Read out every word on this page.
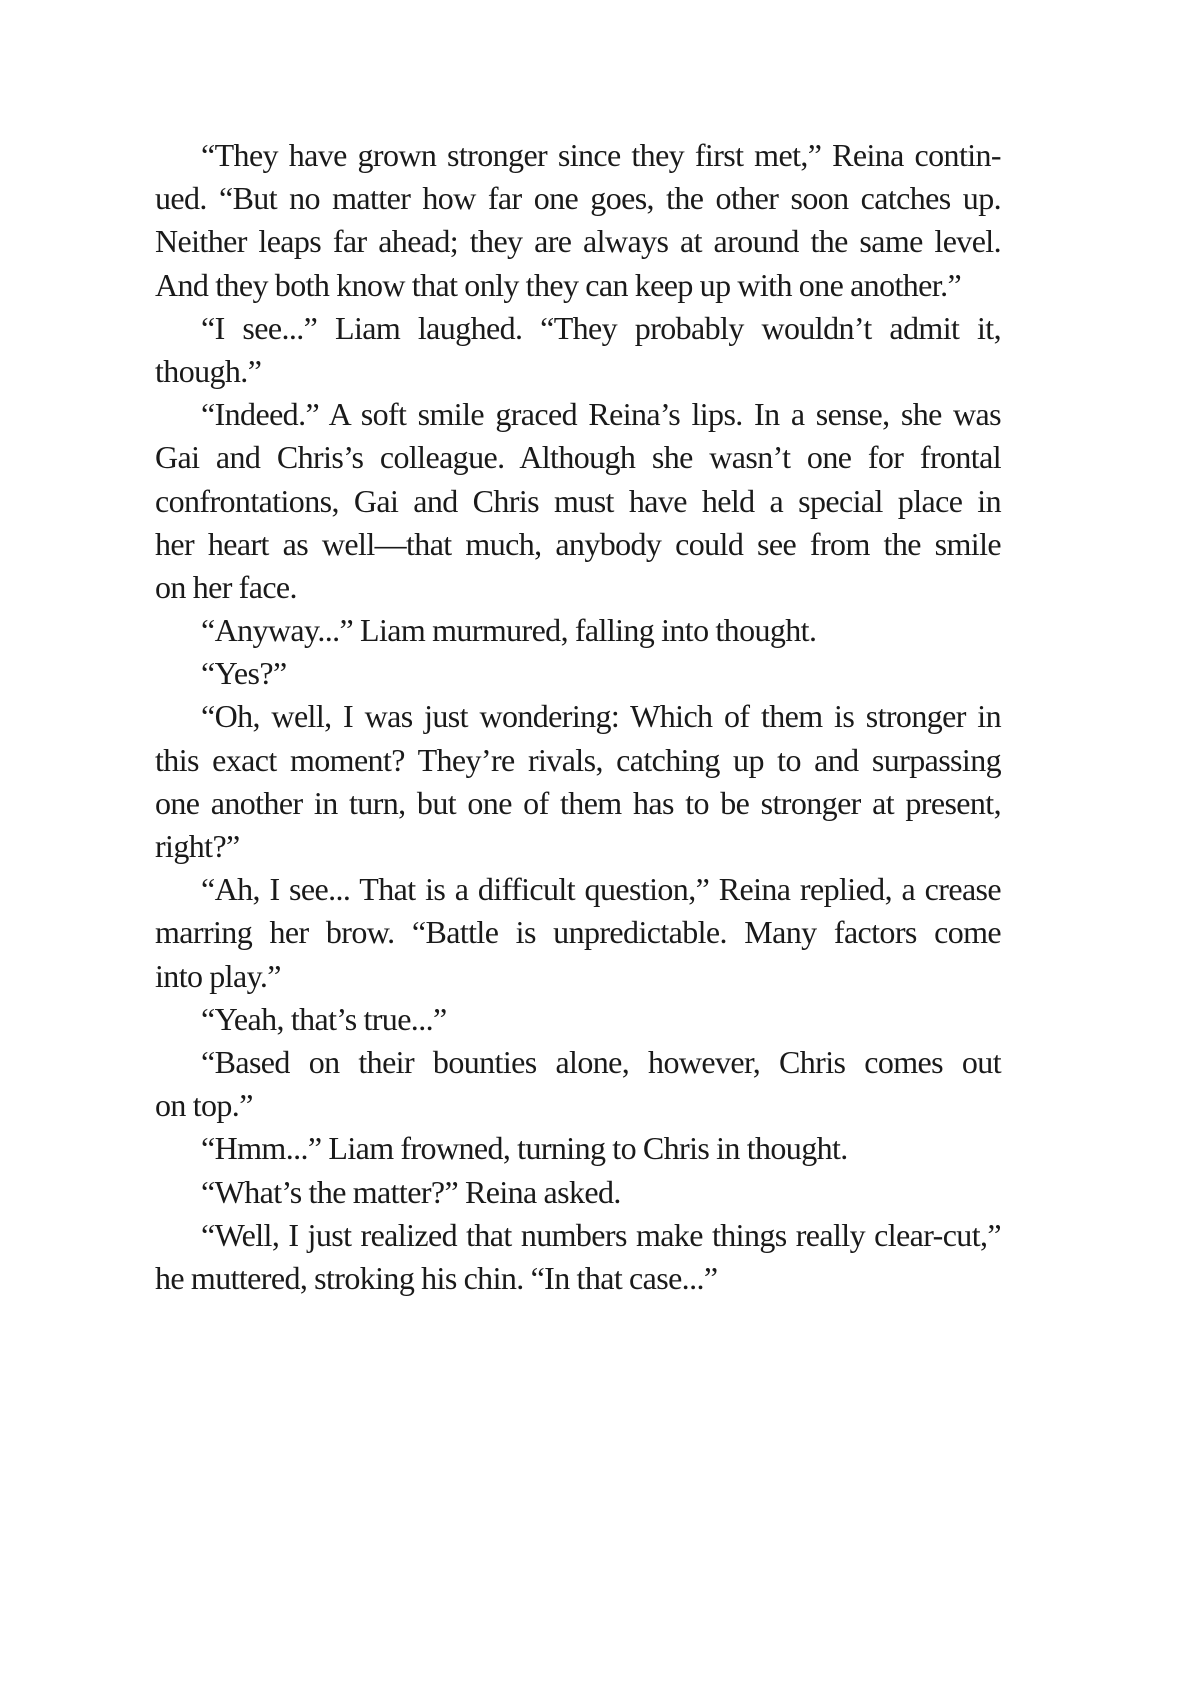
“They have grown stronger since they first met,” Reina contin-
ued. “But no matter how far one goes, the other soon catches up.
Neither leaps far ahead; they are always at around the same level.
And they both know that only they can keep up with one another.”
“I see...” Liam laughed. “They probably wouldn’t admit it,
though.”
“Indeed.” A soft smile graced Reina’s lips. In a sense, she was
Gai and Chris’s colleague. Although she wasn’t one for frontal
confrontations, Gai and Chris must have held a special place in
her heart as well—that much, anybody could see from the smile
on her face.
“Anyway...” Liam murmured, falling into thought.
“Yes?”
“Oh, well, I was just wondering: Which of them is stronger in
this exact moment? They’re rivals, catching up to and surpassing
one another in turn, but one of them has to be stronger at present,
right?”
“Ah, I see... That is a difficult question,” Reina replied, a crease
marring her brow. “Battle is unpredictable. Many factors come
into play.”
“Yeah, that’s true...”
“Based on their bounties alone, however, Chris comes out
on top.”
“Hmm...” Liam frowned, turning to Chris in thought.
“What’s the matter?” Reina asked.
“Well, I just realized that numbers make things really clear-cut,”
he muttered, stroking his chin. “In that case...”
